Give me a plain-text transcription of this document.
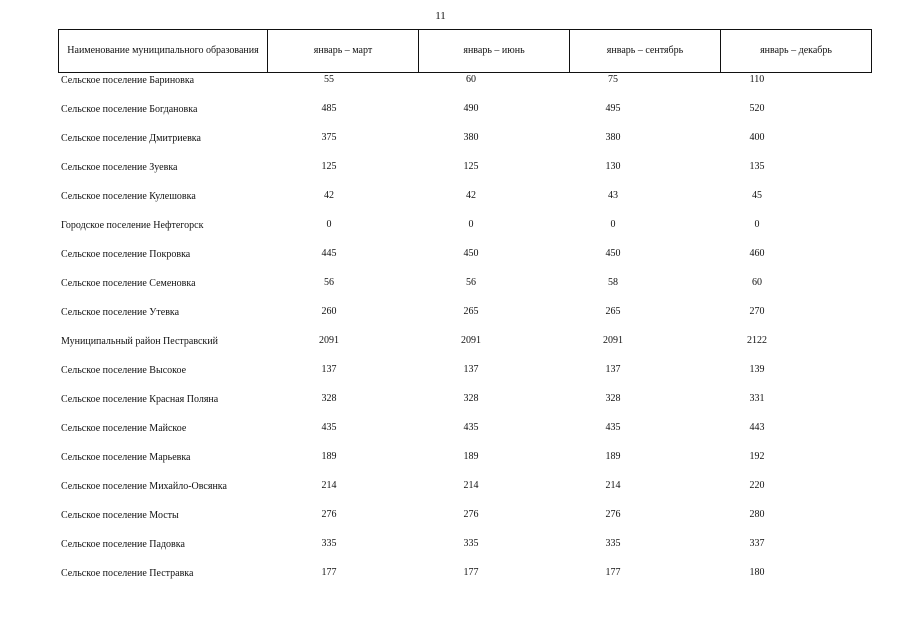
11
Наименование муниципального образования	январь – март	январь – июнь	январь – сентябрь	январь – декабрь
Сельское поселение Бариновка	55	60	75	110
Сельское поселение Богдановка	485	490	495	520
Сельское поселение Дмитриевка	375	380	380	400
Сельское поселение Зуевка	125	125	130	135
Сельское поселение Кулешовка	42	42	43	45
Городское поселение Нефтегорск	0	0	0	0
Сельское поселение Покровка	445	450	450	460
Сельское поселение Семеновка	56	56	58	60
Сельское поселение Утевка	260	265	265	270
Муниципальный район Пестравский	2091	2091	2091	2122
Сельское поселение Высокое	137	137	137	139
Сельское поселение Красная Поляна	328	328	328	331
Сельское поселение Майское	435	435	435	443
Сельское поселение Марьевка	189	189	189	192
Сельское поселение Михайло-Овсянка	214	214	214	220
Сельское поселение Мосты	276	276	276	280
Сельское поселение Падовка	335	335	335	337
Сельское поселение Пестравка	177	177	177	180
